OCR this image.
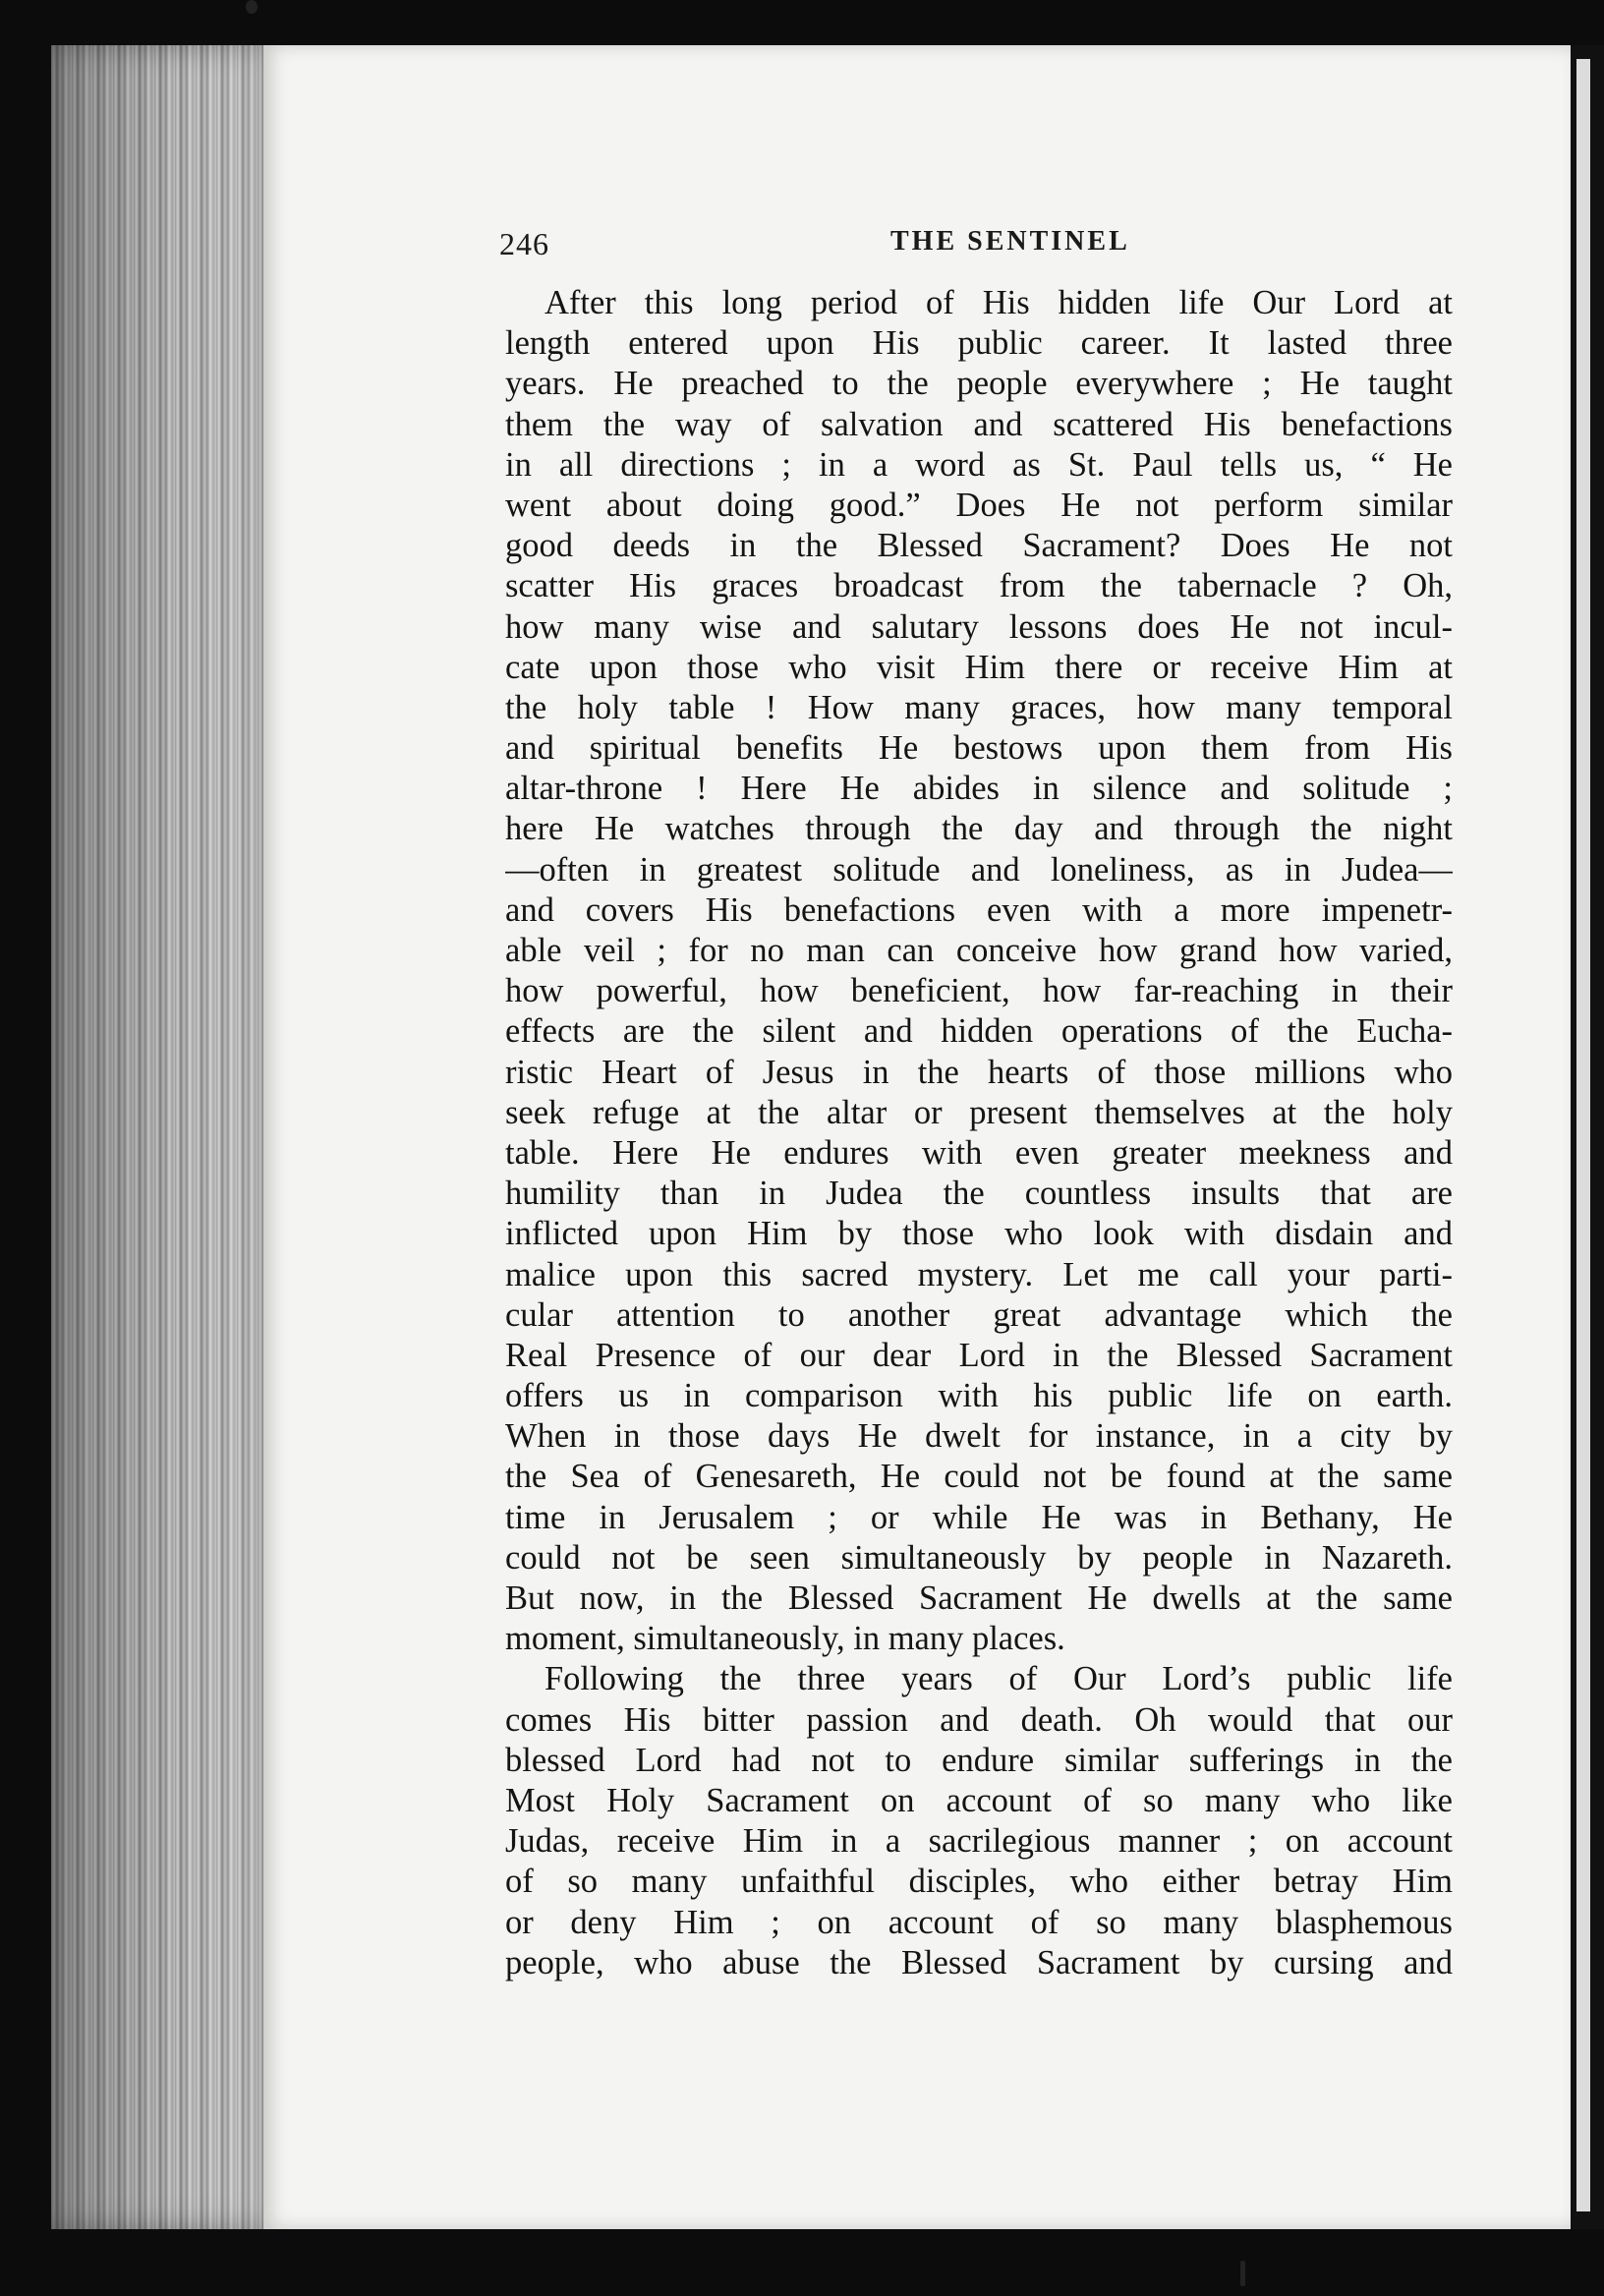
246	THE SENTINEL
After this long period of His hidden life Our Lord at
length entered upon His public career. It lasted three
years. He preached to the people everywhere ; He taught
them the way of salvation and scattered His benefactions
in all directions ; in a word as St. Paul tells us, “ He
went about doing good.” Does He not perform similar
good deeds in the Blessed Sacrament? Does He not
scatter His graces broadcast from the tabernacle ? Oh,
how many wise and salutary lessons does He not incul-
cate upon those who visit Him there or receive Him at
the holy table ! How many graces, how many temporal
and spiritual benefits He bestows upon them from His
altar-throne ! Here He abides in silence and solitude ;
here He watches through the day and through the night
—often in greatest solitude and loneliness, as in Judea—
and covers His benefactions even with a more impenetr-
able veil ; for no man can conceive how grand how varied,
how powerful, how beneficient, how far-reaching in their
effects are the silent and hidden operations of the Eucha-
ristic Heart of Jesus in the hearts of those millions who
seek refuge at the altar or present themselves at the holy
table. Here He endures with even greater meekness and
humility than in Judea the countless insults that are
inflicted upon Him by those who look with disdain and
malice upon this sacred mystery. Let me call your parti-
cular attention to another great advantage which the
Real Presence of our dear Lord in the Blessed Sacrament
offers us in comparison with his public life on earth.
When in those days He dwelt for instance, in a city by
the Sea of Genesareth, He could not be found at the same
time in Jerusalem ; or while He was in Bethany, He
could not be seen simultaneously by people in Nazareth.
But now, in the Blessed Sacrament He dwells at the same
moment, simultaneously, in many places.
Following the three years of Our Lord’s public life
comes His bitter passion and death. Oh would that our
blessed Lord had not to endure similar sufferings in the
Most Holy Sacrament on account of so many who like
Judas, receive Him in a sacrilegious manner ; on account
of so many unfaithful disciples, who either betray Him
or deny Him ; on account of so many blasphemous
people, who abuse the Blessed Sacrament by cursing and
